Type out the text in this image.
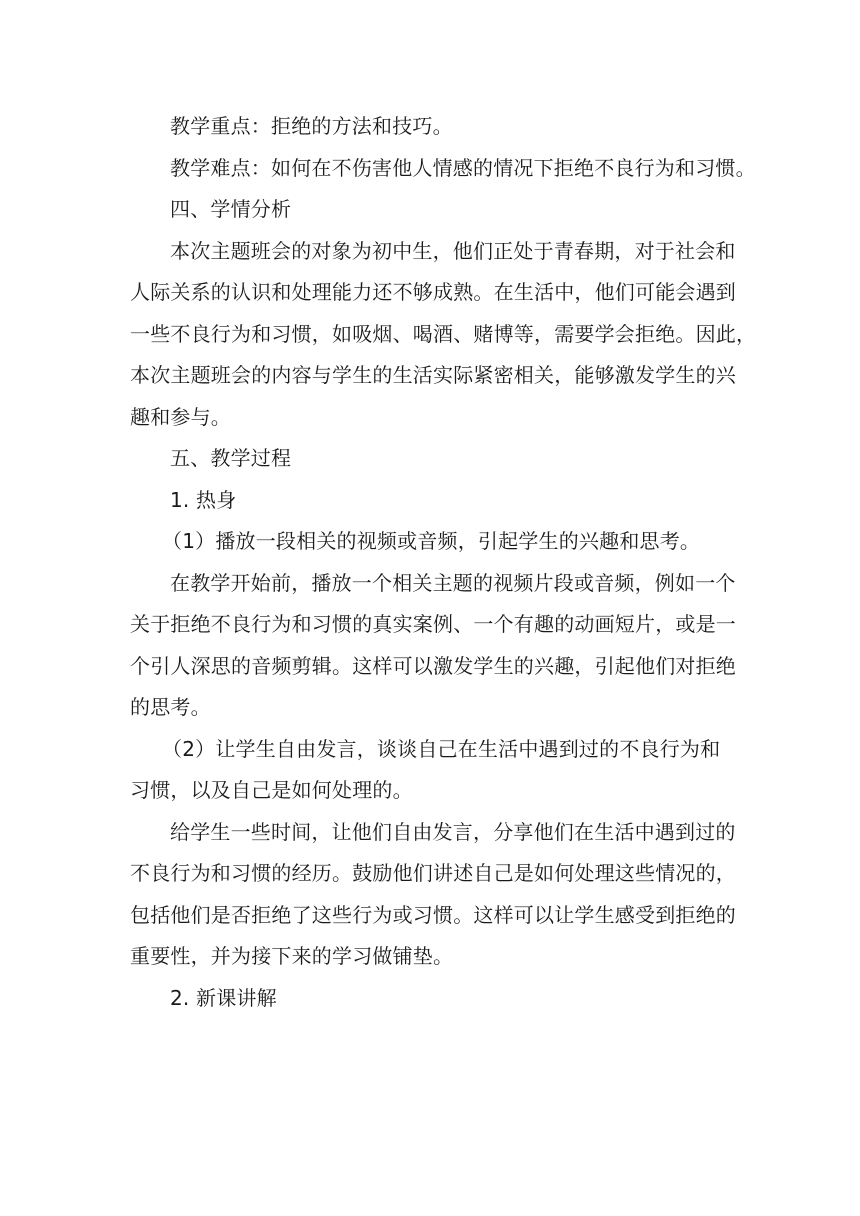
教学重点：拒绝的方法和技巧。
教学难点：如何在不伤害他人情感的情况下拒绝不良行为和习惯。
四、学情分析
本次主题班会的对象为初中生，他们正处于青春期，对于社会和
人际关系的认识和处理能力还不够成熟。在生活中，他们可能会遇到
一些不良行为和习惯，如吸烟、喝酒、赌博等，需要学会拒绝。因此，
本次主题班会的内容与学生的生活实际紧密相关，能够激发学生的兴
趣和参与。
五、教学过程
1. 热身
（1）播放一段相关的视频或音频，引起学生的兴趣和思考。
在教学开始前，播放一个相关主题的视频片段或音频，例如一个
关于拒绝不良行为和习惯的真实案例、一个有趣的动画短片，或是一
个引人深思的音频剪辑。这样可以激发学生的兴趣，引起他们对拒绝
的思考。
（2）让学生自由发言，谈谈自己在生活中遇到过的不良行为和
习惯，以及自己是如何处理的。
给学生一些时间，让他们自由发言，分享他们在生活中遇到过的
不良行为和习惯的经历。鼓励他们讲述自己是如何处理这些情况的，
包括他们是否拒绝了这些行为或习惯。这样可以让学生感受到拒绝的
重要性，并为接下来的学习做铺垫。
2. 新课讲解
